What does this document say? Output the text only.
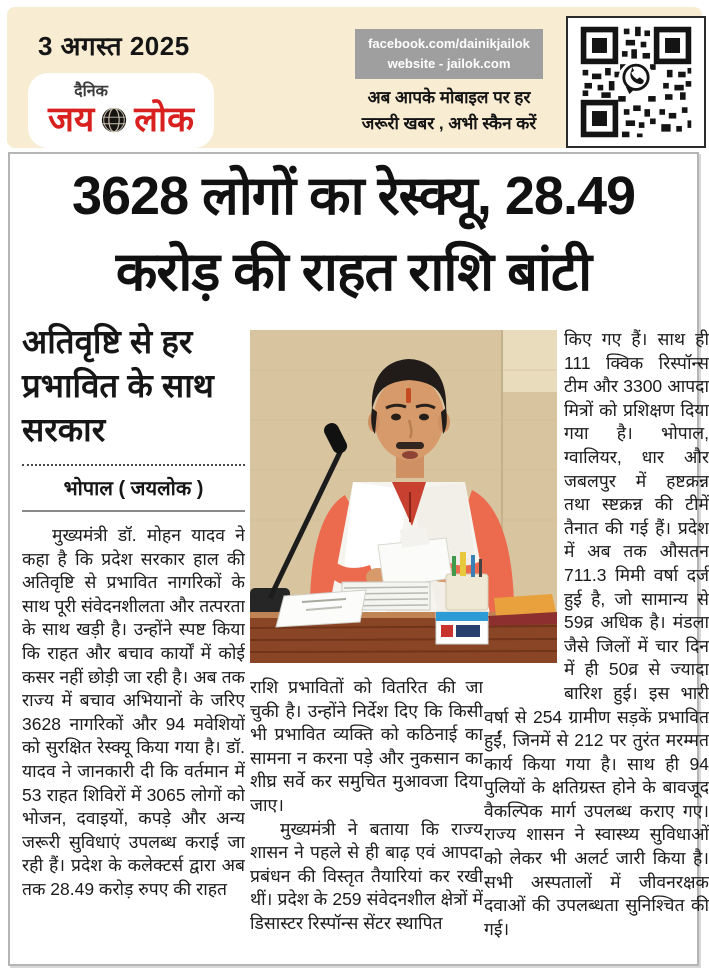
3 अगस्त 2025
दैनिक
जय लोक
facebook.com/dainikjailok
website - jailok.com
अब आपके मोबाइल पर हर
जरूरी खबर , अभी स्कैन करें
3628 लोगों का रेस्क्यू, 28.49
करोड़ की राहत राशि बांटी
अतिवृष्टि से हर प्रभावित के साथ सरकार
भोपाल ( जयलोक )

मुख्यमंत्री डॉ. मोहन यादव ने कहा है कि प्रदेश सरकार हाल की अतिवृष्टि से प्रभावित नागरिकों के साथ पूरी संवेदनशीलता और तत्परता के साथ खड़ी है। उन्होंने स्पष्ट किया कि राहत और बचाव कार्यों में कोई कसर नहीं छोड़ी जा रही है। अब तक राज्य में बचाव अभियानों के जरिए 3628 नागरिकों और 94 मवेशियों को सुरक्षित रेस्क्यू किया गया है। डॉ. यादव ने जानकारी दी कि वर्तमान में 53 राहत शिविरों में 3065 लोगों को भोजन, दवाइयों, कपड़े और अन्य जरूरी सुविधाएं उपलब्ध कराई जा रही हैं। प्रदेश के कलेक्टर्स द्वारा अब तक 28.49 करोड़ रुपए की राहत

राशि प्रभावितों को वितरित की जा चुकी है। उन्होंने निर्देश दिए कि किसी भी प्रभावित व्यक्ति को कठिनाई का सामना न करना पड़े और नुकसान का शीघ्र सर्वे कर समुचित मुआवजा दिया जाए।

मुख्यमंत्री ने बताया कि राज्य शासन ने पहले से ही बाढ़ एवं आपदा प्रबंधन की विस्तृत तैयारियां कर रखी थीं। प्रदेश के 259 संवेदनशील क्षेत्रों में डिसास्टर रिस्पॉन्स सेंटर स्थापित

किए गए हैं। साथ ही 111 क्विक रिस्पॉन्स टीम और 3300 आपदा मित्रों को प्रशिक्षण दिया गया है। भोपाल, ग्वालियर, धार और जबलपुर में हष्टक्रन्न तथा स्ष्टक्रन्न की टीमें तैनात की गई हैं। प्रदेश में अब तक औसतन 711.3 मिमी वर्षा दर्ज हुई है, जो सामान्य से 59व्र अधिक है। मंडला जैसे जिलों में चार दिन में ही 50व्र से ज्यादा बारिश हुई। इस भारी वर्षा से 254 ग्रामीण सड़कें प्रभावित हुईं, जिनमें से 212 पर तुरंत मरम्मत कार्य किया गया है। साथ ही 94 पुलियों के क्षतिग्रस्त होने के बावजूद वैकल्पिक मार्ग उपलब्ध कराए गए। राज्य शासन ने स्वास्थ्य सुविधाओं को लेकर भी अलर्ट जारी किया है। सभी अस्पतालों में जीवनरक्षक दवाओं की उपलब्धता सुनिश्चित की गई।
